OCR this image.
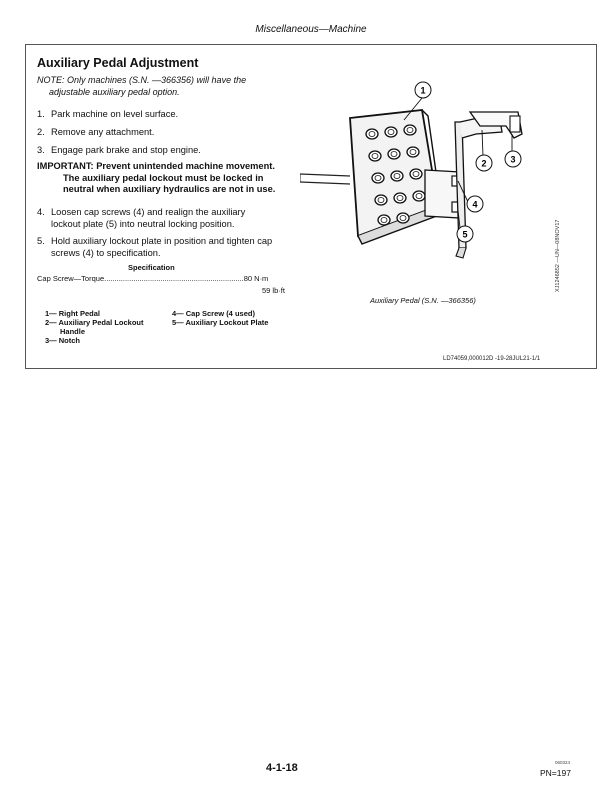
Miscellaneous—Machine
Auxiliary Pedal Adjustment
NOTE: Only machines (S.N. —366356) will have the
adjustable auxiliary pedal option.
1. Park machine on level surface.
2. Remove any attachment.
3. Engage park brake and stop engine.
4. Loosen cap screws (4) and realign the auxiliary
lockout plate (5) into neutral locking position.
5. Hold auxiliary lockout plate in position and tighten cap
screws (4) to specification.
IMPORTANT: Prevent unintended machine movement.
The auxiliary pedal lockout must be locked in
neutral when auxiliary hydraulics are not in use.
Specification
Cap Screw—Torque...................................................................80 N·m
59 lb·ft
1— Right Pedal
2— Auxiliary Pedal Lockout
Handle
3— Notch
4— Cap Screw (4 used)
5— Auxiliary Lockout Plate
1
2	3
4
5	XJ1246852 —UN—08NOV17
Auxiliary Pedal (S.N. —366356)
LD74059,000012D -19-28JUL21-1/1
4-1-18	060324
PN=197
